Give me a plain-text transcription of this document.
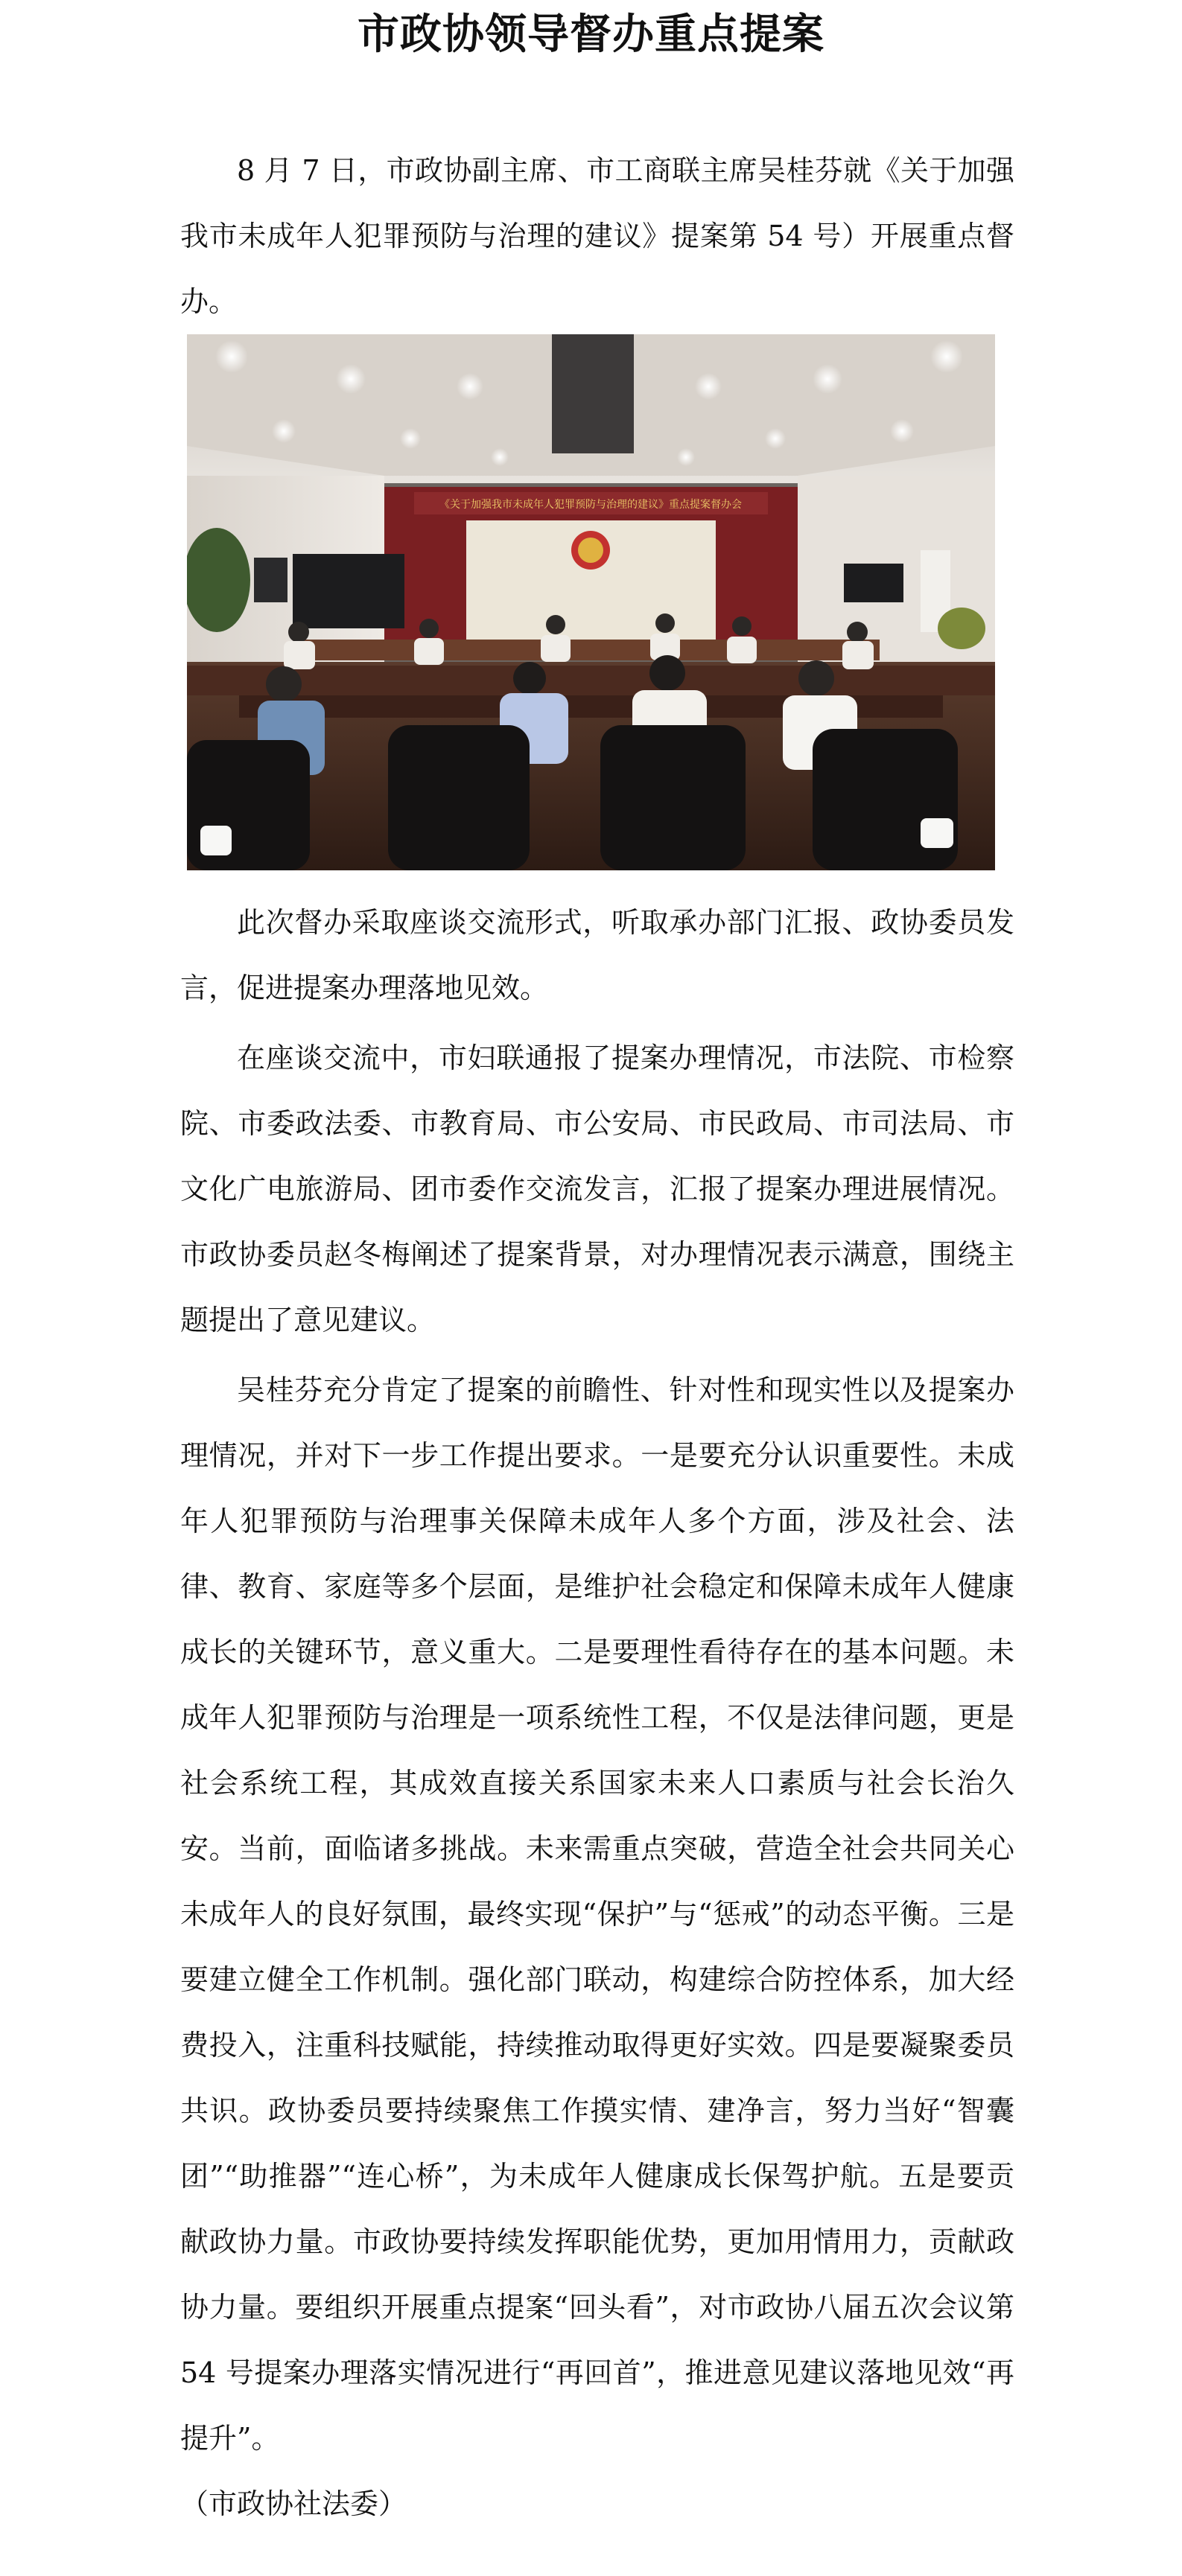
市政协领导督办重点提案

8 月 7 日，市政协副主席、市工商联主席吴桂芬就《关于加强我市未成年人犯罪预防与治理的建议》提案第 54 号）开展重点督办。

《关于加强我市未成年人犯罪预防与治理的建议》重点提案督办会

此次督办采取座谈交流形式，听取承办部门汇报、政协委员发言，促进提案办理落地见效。

在座谈交流中，市妇联通报了提案办理情况，市法院、市检察院、市委政法委、市教育局、市公安局、市民政局、市司法局、市文化广电旅游局、团市委作交流发言，汇报了提案办理进展情况。市政协委员赵冬梅阐述了提案背景，对办理情况表示满意，围绕主题提出了意见建议。

吴桂芬充分肯定了提案的前瞻性、针对性和现实性以及提案办理情况，并对下一步工作提出要求。一是要充分认识重要性。未成年人犯罪预防与治理事关保障未成年人多个方面，涉及社会、法律、教育、家庭等多个层面，是维护社会稳定和保障未成年人健康成长的关键环节，意义重大。二是要理性看待存在的基本问题。未成年人犯罪预防与治理是一项系统性工程，不仅是法律问题，更是社会系统工程，其成效直接关系国家未来人口素质与社会长治久安。当前，面临诸多挑战。未来需重点突破，营造全社会共同关心未成年人的良好氛围，最终实现“保护”与“惩戒”的动态平衡。三是要建立健全工作机制。强化部门联动，构建综合防控体系，加大经费投入，注重科技赋能，持续推动取得更好实效。四是要凝聚委员共识。政协委员要持续聚焦工作摸实情、建净言，努力当好“智囊团”“助推器”“连心桥”，为未成年人健康成长保驾护航。五是要贡献政协力量。市政协要持续发挥职能优势，更加用情用力，贡献政协力量。要组织开展重点提案“回头看”，对市政协八届五次会议第 54 号提案办理落实情况进行“再回首”，推进意见建议落地见效“再提升”。

（市政协社法委）
